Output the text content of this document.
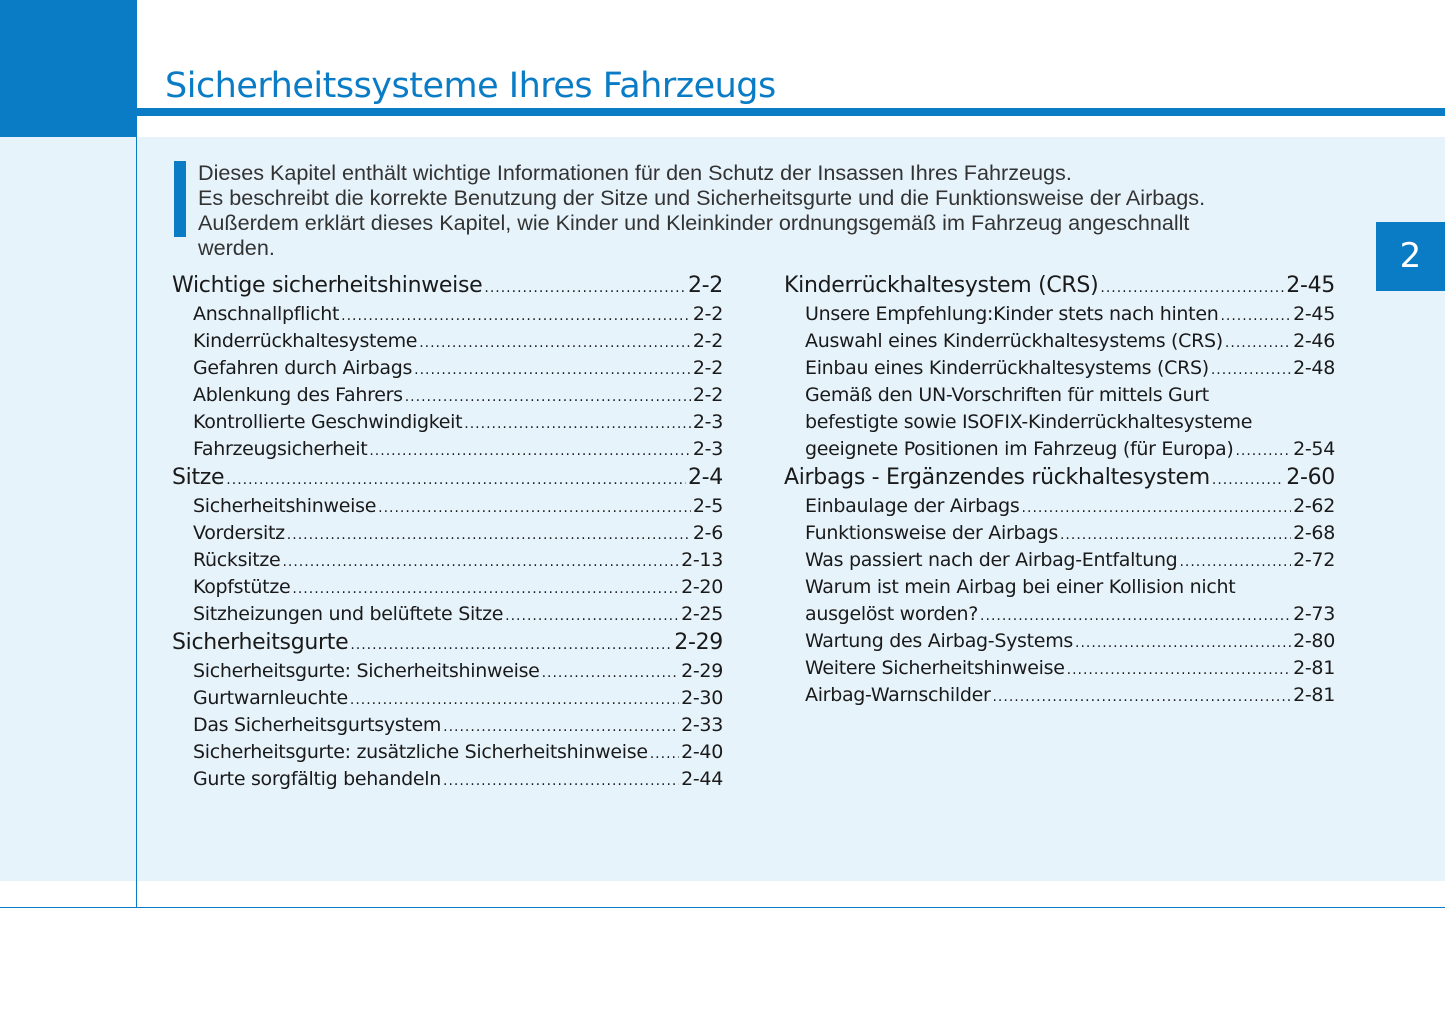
Sicherheitssysteme Ihres Fahrzeugs
2

Dieses Kapitel enthält wichtige Informationen für den Schutz der Insassen Ihres Fahrzeugs.

Es beschreibt die korrekte Benutzung der Sitze und Sicherheitsgurte und die Funktionsweise der Airbags.

Außerdem erklärt dieses Kapitel, wie Kinder und Kleinkinder ordnungsgemäß im Fahrzeug angeschnallt

werden.

Wichtige sicherheitshinweise .....	2-2
Anschnallpflicht .....	2-2
Kinderrückhaltesysteme .....	2-2
Gefahren durch Airbags .....	2-2
Ablenkung des Fahrers .....	2-2
Kontrollierte Geschwindigkeit .....	2-3
Fahrzeugsicherheit .....	2-3
Sitze .....	2-4
Sicherheitshinweise .....	2-5
Vordersitz .....	2-6
Rücksitze .....	2-13
Kopfstütze .....	2-20
Sitzheizungen und belüftete Sitze .....	2-25
Sicherheitsgurte .....	2-29
Sicherheitsgurte: Sicherheitshinweise .....	2-29
Gurtwarnleuchte .....	2-30
Das Sicherheitsgurtsystem .....	2-33
Sicherheitsgurte: zusätzliche Sicherheitshinweise ..... 2-40
Gurte sorgfältig behandeln .....	2-44
Kinderrückhaltesystem (CRS) .....	2-45
Unsere Empfehlung:Kinder stets nach hinten .....	2-45
Auswahl eines Kinderrückhaltesystems (CRS) .....	2-46
Einbau eines Kinderrückhaltesystems (CRS) .....	2-48
Gemäß den UN-Vorschriften für mittels Gurt
befestigte sowie ISOFIX-Kinderrückhaltesysteme
geeignete Positionen im Fahrzeug (für Europa) .....	2-54
Airbags - Ergänzendes rückhaltesystem .....	2-60
Einbaulage der Airbags .....	2-62
Funktionsweise der Airbags .....	2-68
Was passiert nach der Airbag-Entfaltung .....	2-72
Warum ist mein Airbag bei einer Kollision nicht
ausgelöst worden? .....	2-73
Wartung des Airbag-Systems .....	2-80
Weitere Sicherheitshinweise .....	2-81
Airbag-Warnschilder .....	2-81
